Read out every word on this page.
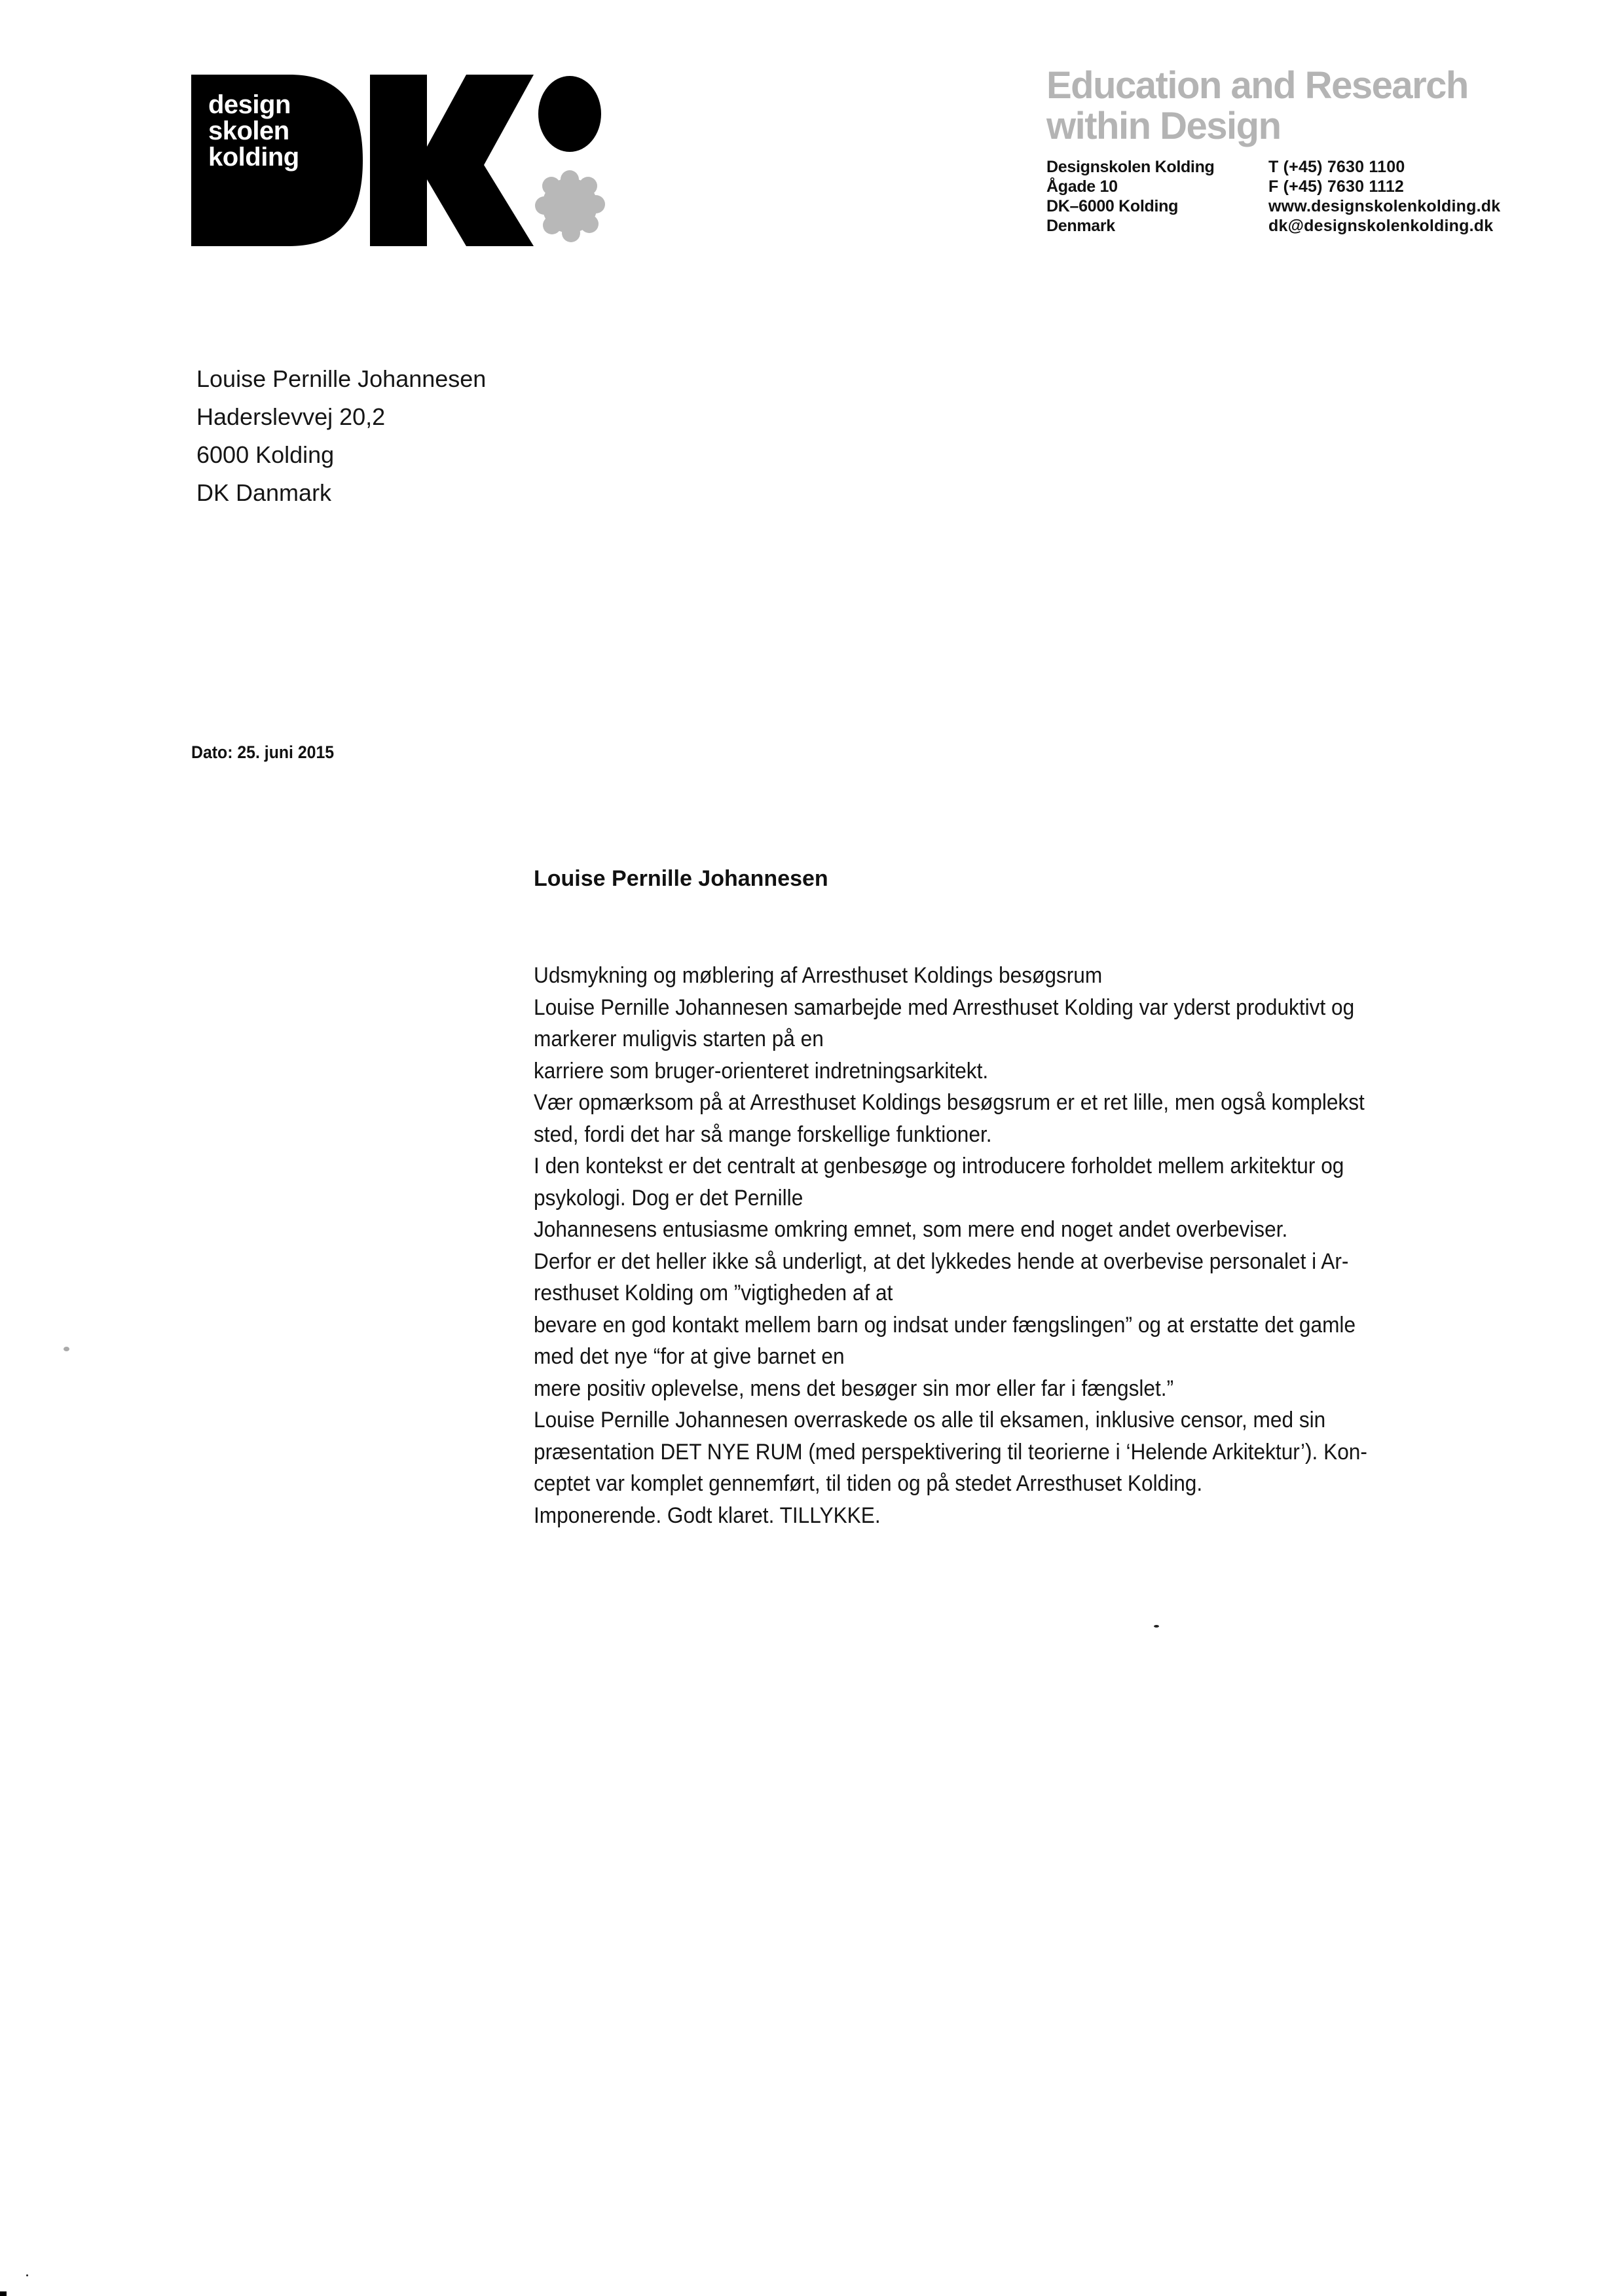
design
skolen
kolding
Education and Research
within Design
Designskolen Kolding
Ågade 10
DK–6000 Kolding
Denmark
T (+45) 7630 1100
F (+45) 7630 1112
www.designskolenkolding.dk
dk@designskolenkolding.dk
Louise Pernille Johannesen
Haderslevvej 20,2
6000 Kolding
DK Danmark
Dato: 25. juni 2015
Louise Pernille Johannesen
Udsmykning og møblering af Arresthuset Koldings besøgsrum
Louise Pernille Johannesen samarbejde med Arresthuset Kolding var yderst produktivt og
markerer muligvis starten på en
karriere som bruger-orienteret indretningsarkitekt.
Vær opmærksom på at Arresthuset Koldings besøgsrum er et ret lille, men også komplekst
sted, fordi det har så mange forskellige funktioner.
I den kontekst er det centralt at genbesøge og introducere forholdet mellem arkitektur og
psykologi. Dog er det Pernille
Johannesens entusiasme omkring emnet, som mere end noget andet overbeviser.
Derfor er det heller ikke så underligt, at det lykkedes hende at overbevise personalet i Ar-
resthuset Kolding om ”vigtigheden af at
bevare en god kontakt mellem barn og indsat under fængslingen” og at erstatte det gamle
med det nye “for at give barnet en
mere positiv oplevelse, mens det besøger sin mor eller far i fængslet.”
Louise Pernille Johannesen overraskede os alle til eksamen, inklusive censor, med sin
præsentation DET NYE RUM (med perspektivering til teorierne i ‘Helende Arkitektur’). Kon-
ceptet var komplet gennemført, til tiden og på stedet Arresthuset Kolding.
Imponerende. Godt klaret. TILLYKKE.
